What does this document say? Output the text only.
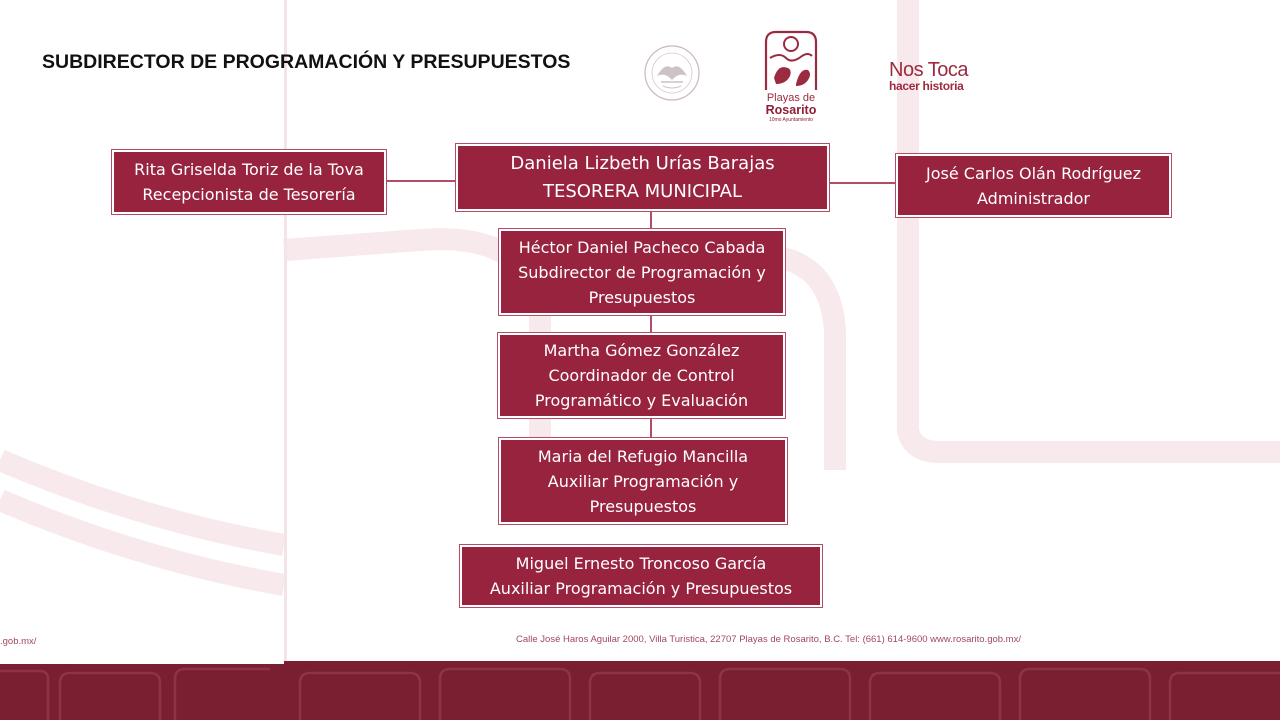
SUBDIRECTOR DE PROGRAMACIÓN Y PRESUPUESTOS
Playas de
Rosarito
10mo Ayuntamiento
Nos Toca
hacer historia
Rita Griselda Toriz de la Tova
Recepcionista de Tesorería
Daniela Lizbeth Urías Barajas
TESORERA MUNICIPAL
José Carlos Olán Rodríguez
Administrador
Héctor Daniel Pacheco Cabada
Subdirector de Programación y
Presupuestos
Martha Gómez González
Coordinador de Control
Programático y Evaluación
Maria del Refugio Mancilla
Auxiliar Programación y
Presupuestos
Miguel Ernesto Troncoso García
Auxiliar Programación y Presupuestos
.gob.mx/	Calle José Haros Aguilar 2000, Villa Turistica, 22707 Playas de Rosarito, B.C. Tel: (661) 614-9600 www.rosarito.gob.mx/
